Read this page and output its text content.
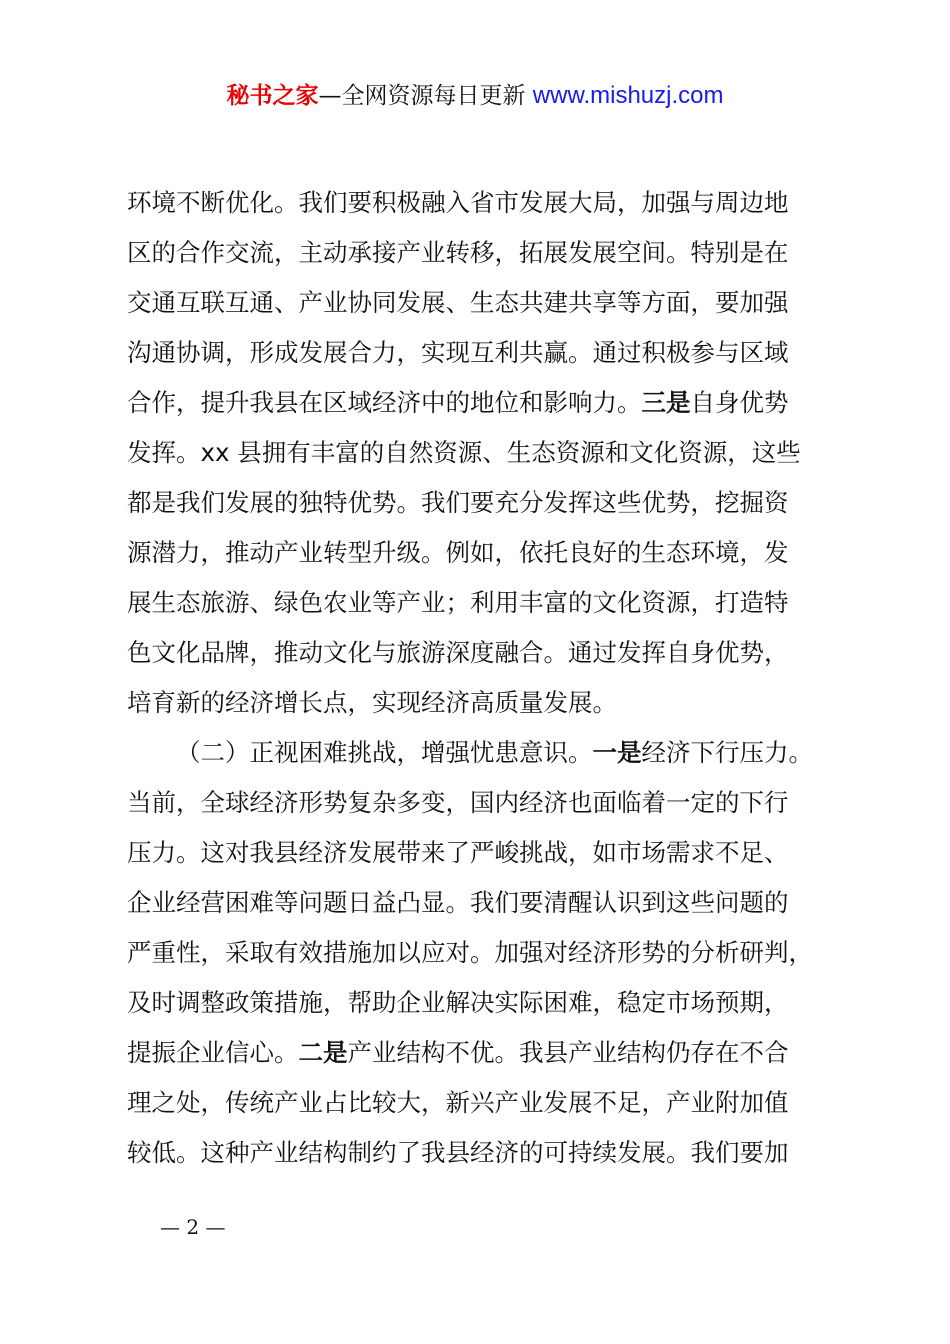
秘书之家—全网资源每日更新 www.mishuzj.com
环境不断优化。我们要积极融入省市发展大局，加强与周边地
区的合作交流，主动承接产业转移，拓展发展空间。特别是在
交通互联互通、产业协同发展、生态共建共享等方面，要加强
沟通协调，形成发展合力，实现互利共赢。通过积极参与区域
合作，提升我县在区域经济中的地位和影响力。三是自身优势
发挥。xx 县拥有丰富的自然资源、生态资源和文化资源，这些
都是我们发展的独特优势。我们要充分发挥这些优势，挖掘资
源潜力，推动产业转型升级。例如，依托良好的生态环境，发
展生态旅游、绿色农业等产业；利用丰富的文化资源，打造特
色文化品牌，推动文化与旅游深度融合。通过发挥自身优势，
培育新的经济增长点，实现经济高质量发展。
（二）正视困难挑战，增强忧患意识。一是经济下行压力。
当前，全球经济形势复杂多变，国内经济也面临着一定的下行
压力。这对我县经济发展带来了严峻挑战，如市场需求不足、
企业经营困难等问题日益凸显。我们要清醒认识到这些问题的
严重性，采取有效措施加以应对。加强对经济形势的分析研判，
及时调整政策措施，帮助企业解决实际困难，稳定市场预期，
提振企业信心。二是产业结构不优。我县产业结构仍存在不合
理之处，传统产业占比较大，新兴产业发展不足，产业附加值
较低。这种产业结构制约了我县经济的可持续发展。我们要加
— 2 —
